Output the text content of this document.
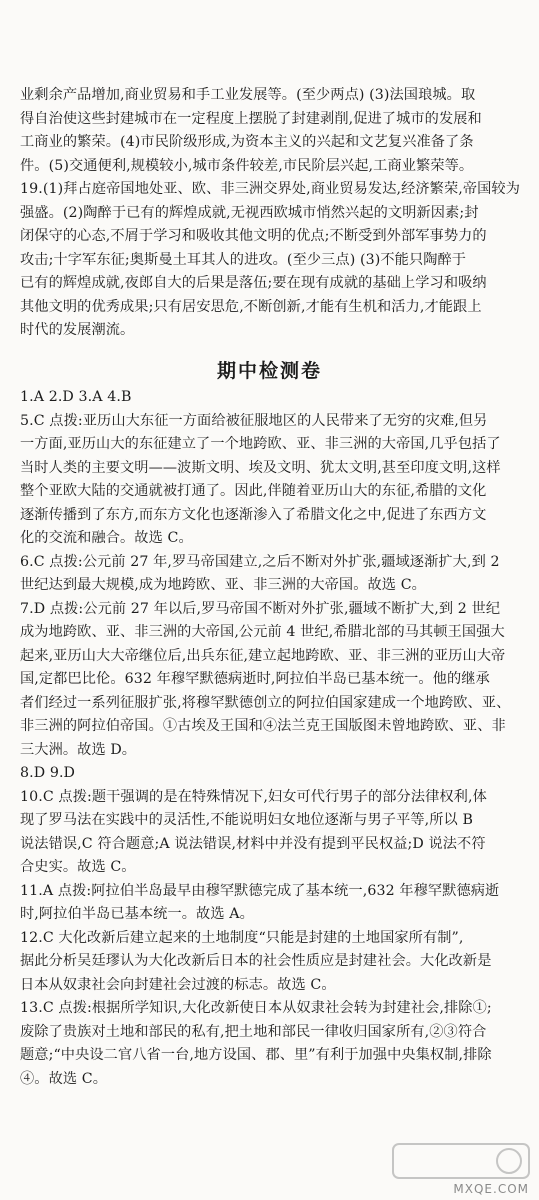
业剩余产品增加,商业贸易和手工业发展等。(至少两点) (3)法国琅城。取
得自治使这些封建城市在一定程度上摆脱了封建剥削,促进了城市的发展和
工商业的繁荣。(4)市民阶级形成,为资本主义的兴起和文艺复兴准备了条
件。(5)交通便利,规模较小,城市条件较差,市民阶层兴起,工商业繁荣等。
19.(1)拜占庭帝国地处亚、欧、非三洲交界处,商业贸易发达,经济繁荣,帝国较为
强盛。(2)陶醉于已有的辉煌成就,无视西欧城市悄然兴起的文明新因素;封
闭保守的心态,不屑于学习和吸收其他文明的优点;不断受到外部军事势力的
攻击;十字军东征;奥斯曼土耳其人的进攻。(至少三点) (3)不能只陶醉于
已有的辉煌成就,夜郎自大的后果是落伍;要在现有成就的基础上学习和吸纳
其他文明的优秀成果;只有居安思危,不断创新,才能有生机和活力,才能跟上
时代的发展潮流。
期中检测卷
1.A 2.D 3.A 4.B
5.C 点拨:亚历山大东征一方面给被征服地区的人民带来了无穷的灾难,但另
一方面,亚历山大的东征建立了一个地跨欧、亚、非三洲的大帝国,几乎包括了
当时人类的主要文明——波斯文明、埃及文明、犹太文明,甚至印度文明,这样
整个亚欧大陆的交通就被打通了。因此,伴随着亚历山大的东征,希腊的文化
逐渐传播到了东方,而东方文化也逐渐渗入了希腊文化之中,促进了东西方文
化的交流和融合。故选 C。
6.C 点拨:公元前 27 年,罗马帝国建立,之后不断对外扩张,疆域逐渐扩大,到 2
世纪达到最大规模,成为地跨欧、亚、非三洲的大帝国。故选 C。
7.D 点拨:公元前 27 年以后,罗马帝国不断对外扩张,疆域不断扩大,到 2 世纪
成为地跨欧、亚、非三洲的大帝国,公元前 4 世纪,希腊北部的马其顿王国强大
起来,亚历山大大帝继位后,出兵东征,建立起地跨欧、亚、非三洲的亚历山大帝
国,定都巴比伦。632 年穆罕默德病逝时,阿拉伯半岛已基本统一。他的继承
者们经过一系列征服扩张,将穆罕默德创立的阿拉伯国家建成一个地跨欧、亚、
非三洲的阿拉伯帝国。①古埃及王国和④法兰克王国版图未曾地跨欧、亚、非
三大洲。故选 D。
8.D 9.D
10.C 点拨:题干强调的是在特殊情况下,妇女可代行男子的部分法律权利,体
现了罗马法在实践中的灵活性,不能说明妇女地位逐渐与男子平等,所以 B
说法错误,C 符合题意;A 说法错误,材料中并没有提到平民权益;D 说法不符
合史实。故选 C。
11.A 点拨:阿拉伯半岛最早由穆罕默德完成了基本统一,632 年穆罕默德病逝
时,阿拉伯半岛已基本统一。故选 A。
12.C 大化改新后建立起来的土地制度“只能是封建的土地国家所有制”,
据此分析吴廷璆认为大化改新后日本的社会性质应是封建社会。大化改新是
日本从奴隶社会向封建社会过渡的标志。故选 C。
13.C 点拨:根据所学知识,大化改新使日本从奴隶社会转为封建社会,排除①;
废除了贵族对土地和部民的私有,把土地和部民一律收归国家所有,②③符合
题意;“中央设二官八省一台,地方设国、郡、里”有利于加强中央集权制,排除
④。故选 C。
MXQE.COM
